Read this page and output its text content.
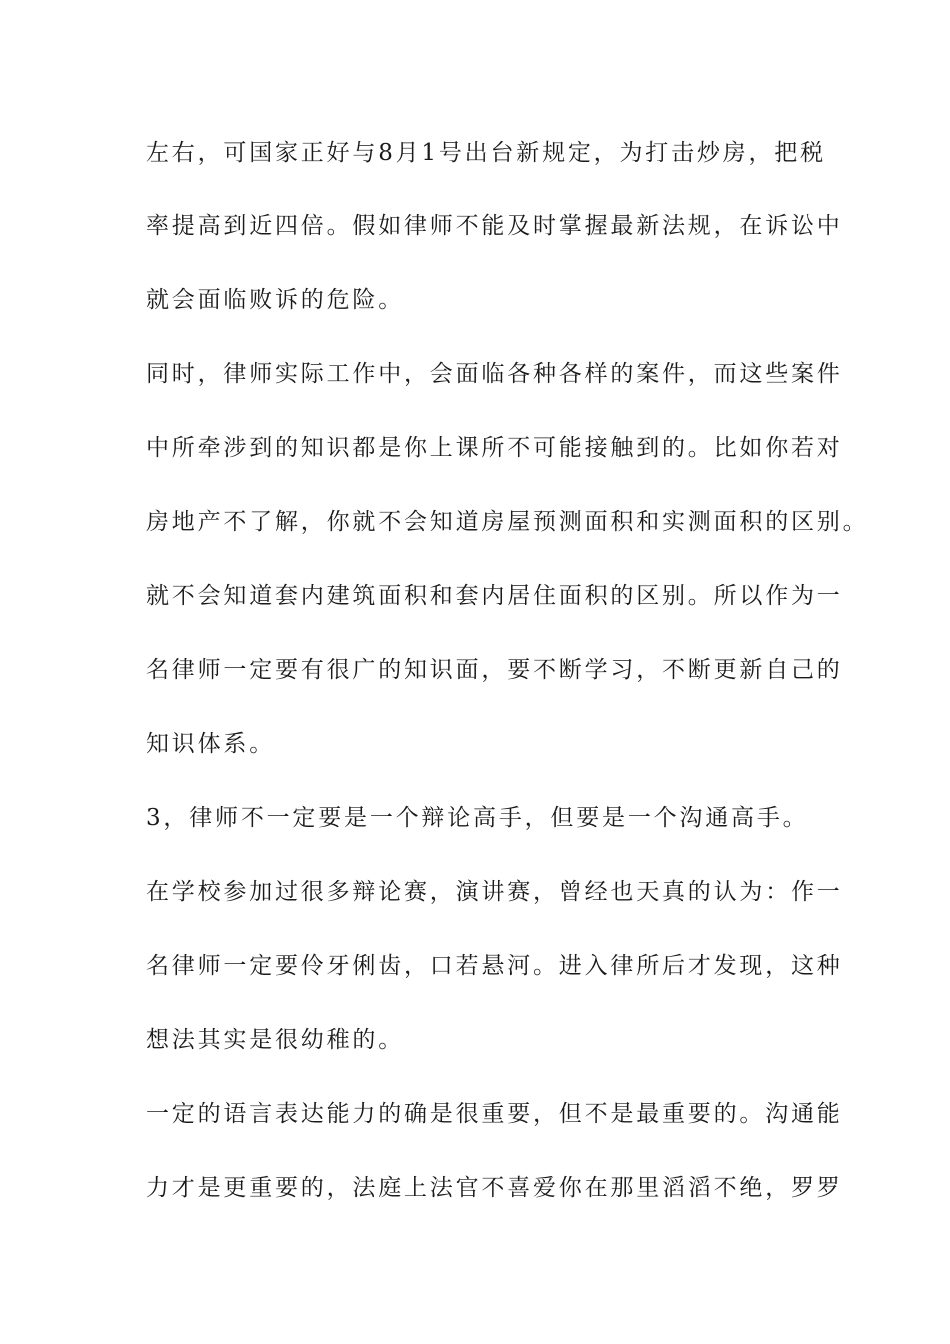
左右，可国家正好与8月1号出台新规定，为打击炒房，把税
率提高到近四倍。假如律师不能及时掌握最新法规，在诉讼中
就会面临败诉的危险。
同时，律师实际工作中，会面临各种各样的案件，而这些案件
中所牵涉到的知识都是你上课所不可能接触到的。比如你若对
房地产不了解，你就不会知道房屋预测面积和实测面积的区别。
就不会知道套内建筑面积和套内居住面积的区别。所以作为一
名律师一定要有很广的知识面，要不断学习，不断更新自己的
知识体系。
3，律师不一定要是一个辩论高手，但要是一个沟通高手。
在学校参加过很多辩论赛，演讲赛，曾经也天真的认为：作一
名律师一定要伶牙俐齿，口若悬河。进入律所后才发现，这种
想法其实是很幼稚的。
一定的语言表达能力的确是很重要，但不是最重要的。沟通能
力才是更重要的，法庭上法官不喜爱你在那里滔滔不绝，罗罗
